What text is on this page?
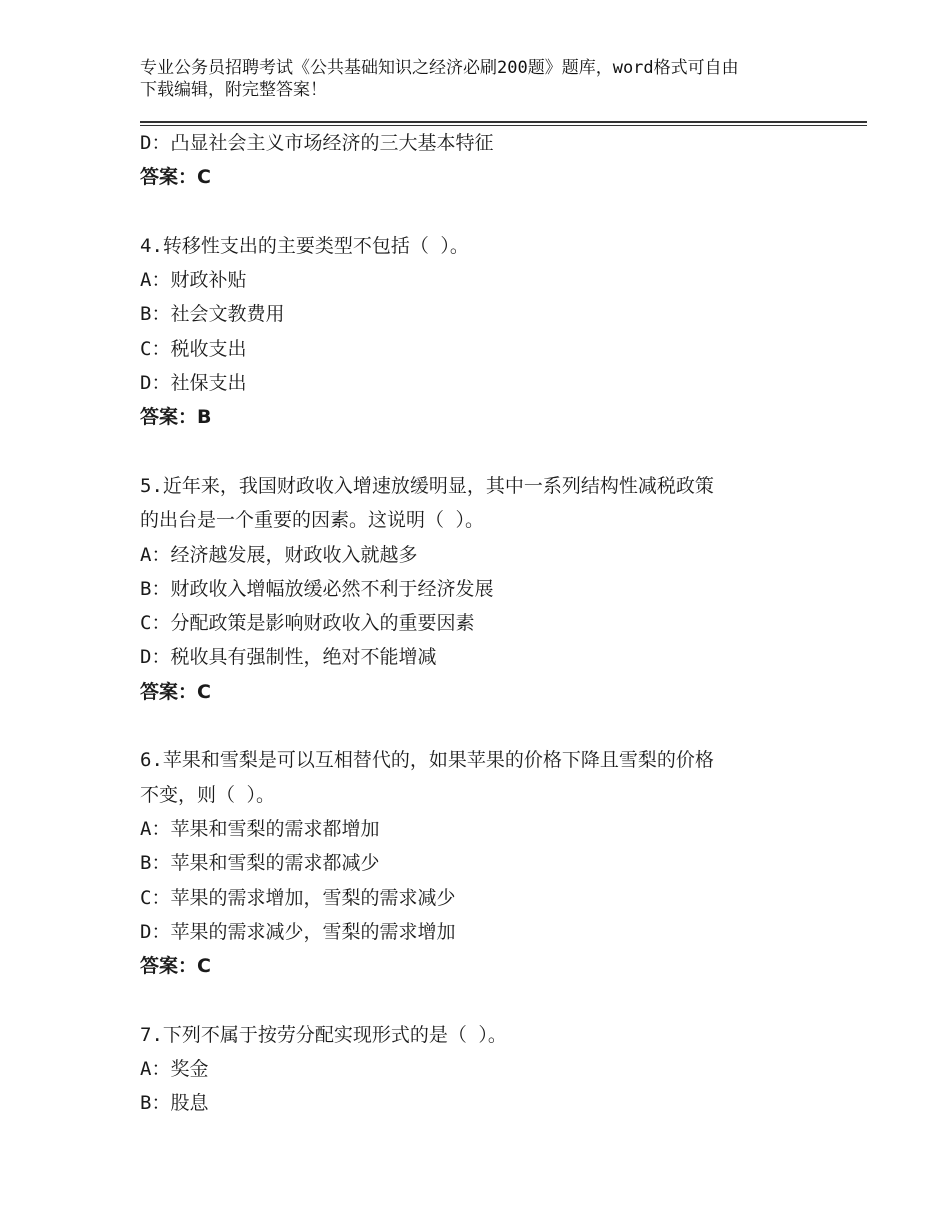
专业公务员招聘考试《公共基础知识之经济必刷200题》题库，word格式可自由
下载编辑，附完整答案！
D：凸显社会主义市场经济的三大基本特征
答案：C
4.转移性支出的主要类型不包括（ ）。
A：财政补贴
B：社会文教费用
C：税收支出
D：社保支出
答案：B
5.近年来，我国财政收入增速放缓明显，其中一系列结构性减税政策
的出台是一个重要的因素。这说明（ ）。
A：经济越发展，财政收入就越多
B：财政收入增幅放缓必然不利于经济发展
C：分配政策是影响财政收入的重要因素
D：税收具有强制性，绝对不能增减
答案：C
6.苹果和雪梨是可以互相替代的，如果苹果的价格下降且雪梨的价格
不变，则（ ）。
A：苹果和雪梨的需求都增加
B：苹果和雪梨的需求都减少
C：苹果的需求增加，雪梨的需求减少
D：苹果的需求减少，雪梨的需求增加
答案：C
7.下列不属于按劳分配实现形式的是（ ）。
A：奖金
B：股息
